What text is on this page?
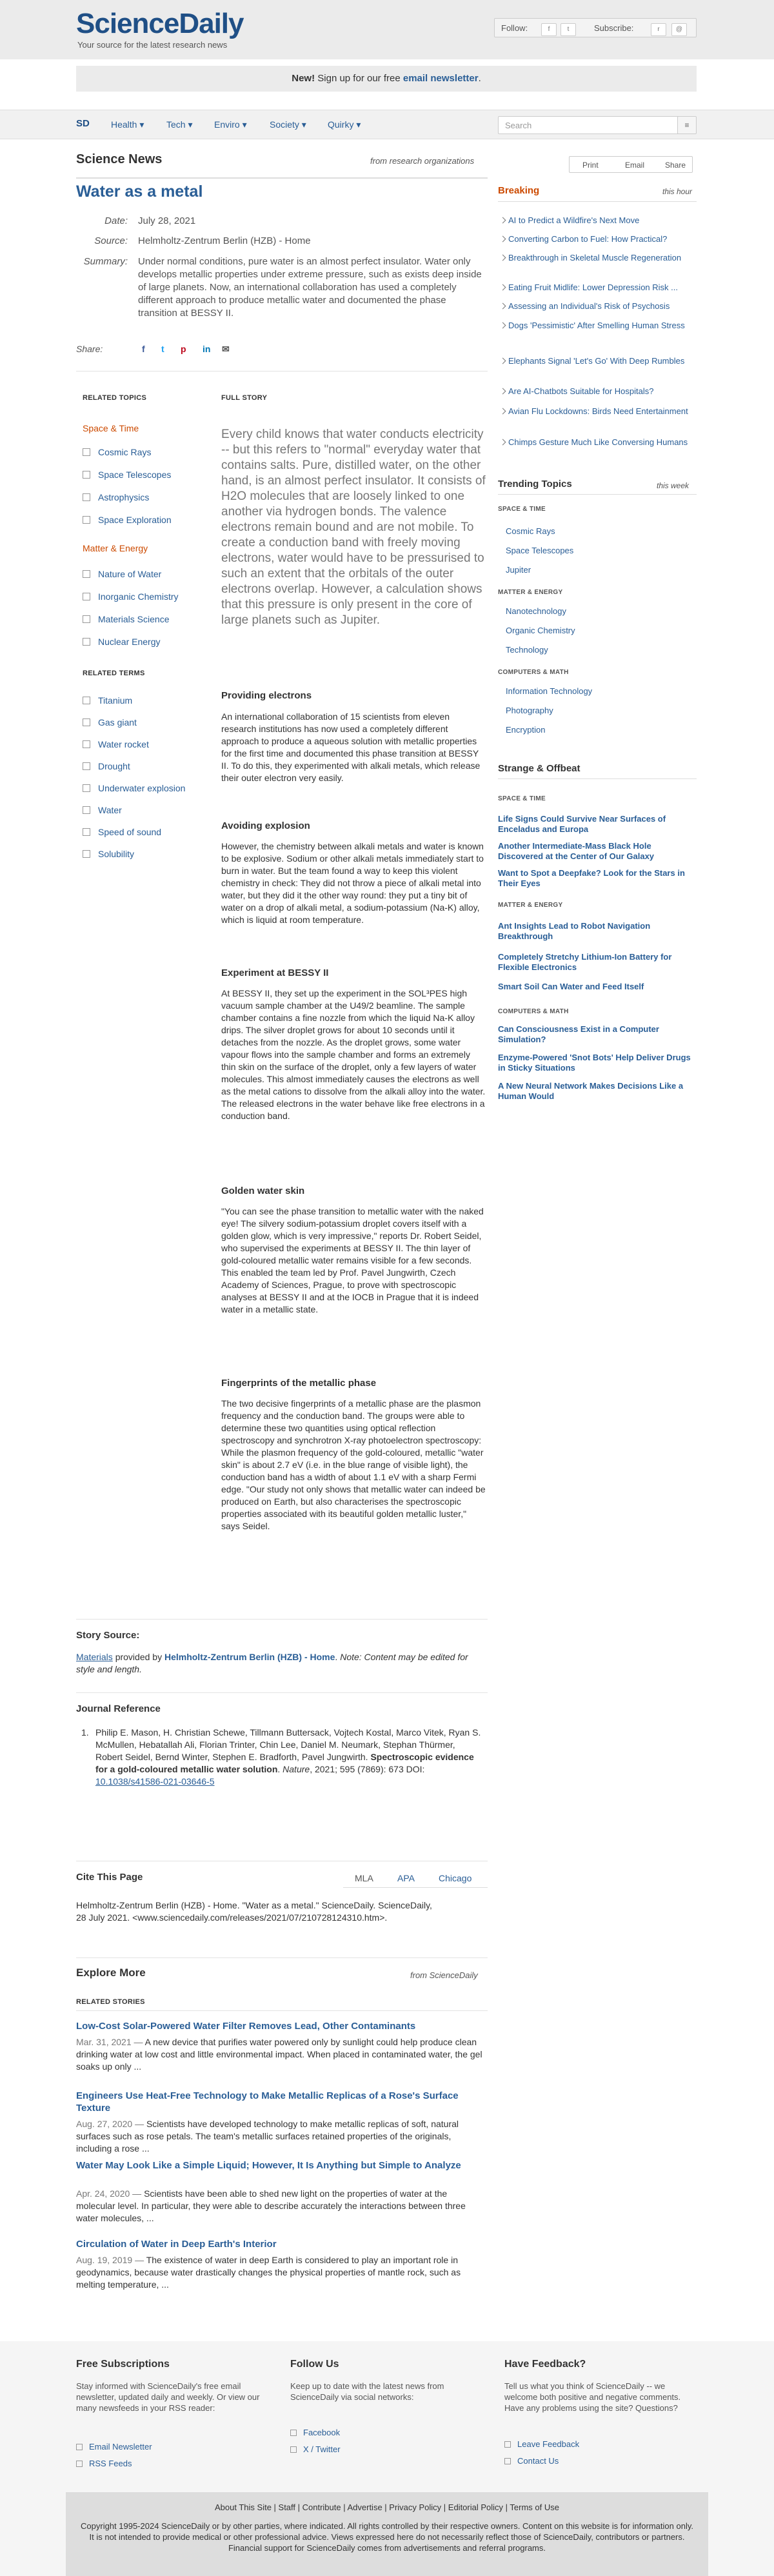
ScienceDaily
Your source for the latest research news
Follow:	f	t	Subscribe:	r	@
New! Sign up for our free email newsletter.
SD Health ▾ Tech ▾ Enviro ▾	Society ▾ Quirky ▾	Search	≡
Science News	from research organizations	Print	Email	Share
Water as a metal
Date: July 28, 2021
Source: Helmholtz-Zentrum Berlin (HZB) - Home
Summary: Under normal conditions, pure water is an almost perfect insulator. Water only develops metallic properties under extreme pressure, such as exists deep inside of large planets. Now, an international collaboration has used a completely different approach to produce metallic water and documented the phase transition at BESSY II.
Share:	f t p in ✉
RELATED TOPICS
Space & Time
Cosmic Rays
Space Telescopes
Astrophysics
Space Exploration
Matter & Energy
Nature of Water
Inorganic Chemistry
Materials Science
Nuclear Energy
RELATED TERMS
Titanium
Gas giant
Water rocket
Drought
Underwater explosion
Water
Speed of sound
Solubility
FULL STORY
Every child knows that water conducts electricity -- but this refers to "normal" everyday water that contains salts. Pure, distilled water, on the other hand, is an almost perfect insulator. It consists of H2O molecules that are loosely linked to one another via hydrogen bonds. The valence electrons remain bound and are not mobile. To create a conduction band with freely moving electrons, water would have to be pressurised to such an extent that the orbitals of the outer electrons overlap. However, a calculation shows that this pressure is only present in the core of large planets such as Jupiter.
Providing electrons
An international collaboration of 15 scientists from eleven research institutions has now used a completely different approach to produce a aqueous solution with metallic properties for the first time and documented this phase transition at BESSY II. To do this, they experimented with alkali metals, which release their outer electron very easily.
Avoiding explosion
However, the chemistry between alkali metals and water is known to be explosive. Sodium or other alkali metals immediately start to burn in water. But the team found a way to keep this violent chemistry in check: They did not throw a piece of alkali metal into water, but they did it the other way round: they put a tiny bit of water on a drop of alkali metal, a sodium-potassium (Na-K) alloy, which is liquid at room temperature.
Experiment at BESSY II
At BESSY II, they set up the experiment in the SOL³PES high vacuum sample chamber at the U49/2 beamline. The sample chamber contains a fine nozzle from which the liquid Na-K alloy drips. The silver droplet grows for about 10 seconds until it detaches from the nozzle. As the droplet grows, some water vapour flows into the sample chamber and forms an extremely thin skin on the surface of the droplet, only a few layers of water molecules. This almost immediately causes the electrons as well as the metal cations to dissolve from the alkali alloy into the water. The released electrons in the water behave like free electrons in a conduction band.
Golden water skin
"You can see the phase transition to metallic water with the naked eye! The silvery sodium-potassium droplet covers itself with a golden glow, which is very impressive," reports Dr. Robert Seidel, who supervised the experiments at BESSY II. The thin layer of gold-coloured metallic water remains visible for a few seconds. This enabled the team led by Prof. Pavel Jungwirth, Czech Academy of Sciences, Prague, to prove with spectroscopic analyses at BESSY II and at the IOCB in Prague that it is indeed water in a metallic state.
Fingerprints of the metallic phase
The two decisive fingerprints of a metallic phase are the plasmon frequency and the conduction band. The groups were able to determine these two quantities using optical reflection spectroscopy and synchrotron X-ray photoelectron spectroscopy: While the plasmon frequency of the gold-coloured, metallic "water skin" is about 2.7 eV (i.e. in the blue range of visible light), the conduction band has a width of about 1.1 eV with a sharp Fermi edge. "Our study not only shows that metallic water can indeed be produced on Earth, but also characterises the spectroscopic properties associated with its beautiful golden metallic luster," says Seidel.
Breaking	this hour
AI to Predict a Wildfire's Next Move
Converting Carbon to Fuel: How Practical?
Breakthrough in Skeletal Muscle Regeneration
Eating Fruit Midlife: Lower Depression Risk ...
Assessing an Individual's Risk of Psychosis
Dogs 'Pessimistic' After Smelling Human Stress
Elephants Signal 'Let's Go' With Deep Rumbles
Are AI-Chatbots Suitable for Hospitals?
Avian Flu Lockdowns: Birds Need Entertainment
Chimps Gesture Much Like Conversing Humans
Trending Topics	this week
SPACE & TIME
Cosmic Rays
Space Telescopes
Jupiter
MATTER & ENERGY
Nanotechnology
Organic Chemistry
Technology
COMPUTERS & MATH
Information Technology
Photography
Encryption
Strange & Offbeat
SPACE & TIME
Life Signs Could Survive Near Surfaces of Enceladus and Europa
Another Intermediate-Mass Black Hole Discovered at the Center of Our Galaxy
Want to Spot a Deepfake? Look for the Stars in Their Eyes
MATTER & ENERGY
Ant Insights Lead to Robot Navigation Breakthrough
Completely Stretchy Lithium-Ion Battery for Flexible Electronics
Smart Soil Can Water and Feed Itself
COMPUTERS & MATH
Can Consciousness Exist in a Computer Simulation?
Enzyme-Powered 'Snot Bots' Help Deliver Drugs in Sticky Situations
A New Neural Network Makes Decisions Like a Human Would
Story Source:
Materials provided by Helmholtz-Zentrum Berlin (HZB) - Home. Note: Content may be edited for style and length.
Journal Reference
1. Philip E. Mason, H. Christian Schewe, Tillmann Buttersack, Vojtech Kostal, Marco Vitek, Ryan S. McMullen, Hebatallah Ali, Florian Trinter, Chin Lee, Daniel M. Neumark, Stephan Thürmer, Robert Seidel, Bernd Winter, Stephen E. Bradforth, Pavel Jungwirth. Spectroscopic evidence for a gold-coloured metallic water solution. Nature, 2021; 595 (7869): 673 DOI: 10.1038/s41586-021-03646-5
Cite This Page	MLA	APA	Chicago
Helmholtz-Zentrum Berlin (HZB) - Home. "Water as a metal." ScienceDaily. ScienceDaily, 28 July 2021. <www.sciencedaily.com/releases/2021/07/210728124310.htm>.
Explore More	from ScienceDaily
RELATED STORIES
Low-Cost Solar-Powered Water Filter Removes Lead, Other Contaminants
Mar. 31, 2021 — A new device that purifies water powered only by sunlight could help produce clean drinking water at low cost and little environmental impact. When placed in contaminated water, the gel soaks up only ...
Engineers Use Heat-Free Technology to Make Metallic Replicas of a Rose's Surface Texture
Aug. 27, 2020 — Scientists have developed technology to make metallic replicas of soft, natural surfaces such as rose petals. The team's metallic surfaces retained properties of the originals, including a rose ...
Water May Look Like a Simple Liquid; However, It Is Anything but Simple to Analyze
Apr. 24, 2020 — Scientists have been able to shed new light on the properties of water at the molecular level. In particular, they were able to describe accurately the interactions between three water molecules, ...
Circulation of Water in Deep Earth's Interior
Aug. 19, 2019 — The existence of water in deep Earth is considered to play an important role in geodynamics, because water drastically changes the physical properties of mantle rock, such as melting temperature, ...
Free Subscriptions
Stay informed with ScienceDaily's free email newsletter, updated daily and weekly. Or view our many newsfeeds in your RSS reader:
Email Newsletter
RSS Feeds
Follow Us
Keep up to date with the latest news from ScienceDaily via social networks:
Facebook
X / Twitter
Have Feedback?
Tell us what you think of ScienceDaily -- we welcome both positive and negative comments. Have any problems using the site? Questions?
Leave Feedback
Contact Us
About This Site | Staff | Contribute | Advertise | Privacy Policy | Editorial Policy | Terms of Use
Copyright 1995-2024 ScienceDaily or by other parties, where indicated. All rights controlled by their respective owners. Content on this website is for information only. It is not intended to provide medical or other professional advice. Views expressed here do not necessarily reflect those of ScienceDaily, contributors or partners. Financial support for ScienceDaily comes from advertisements and referral programs.
